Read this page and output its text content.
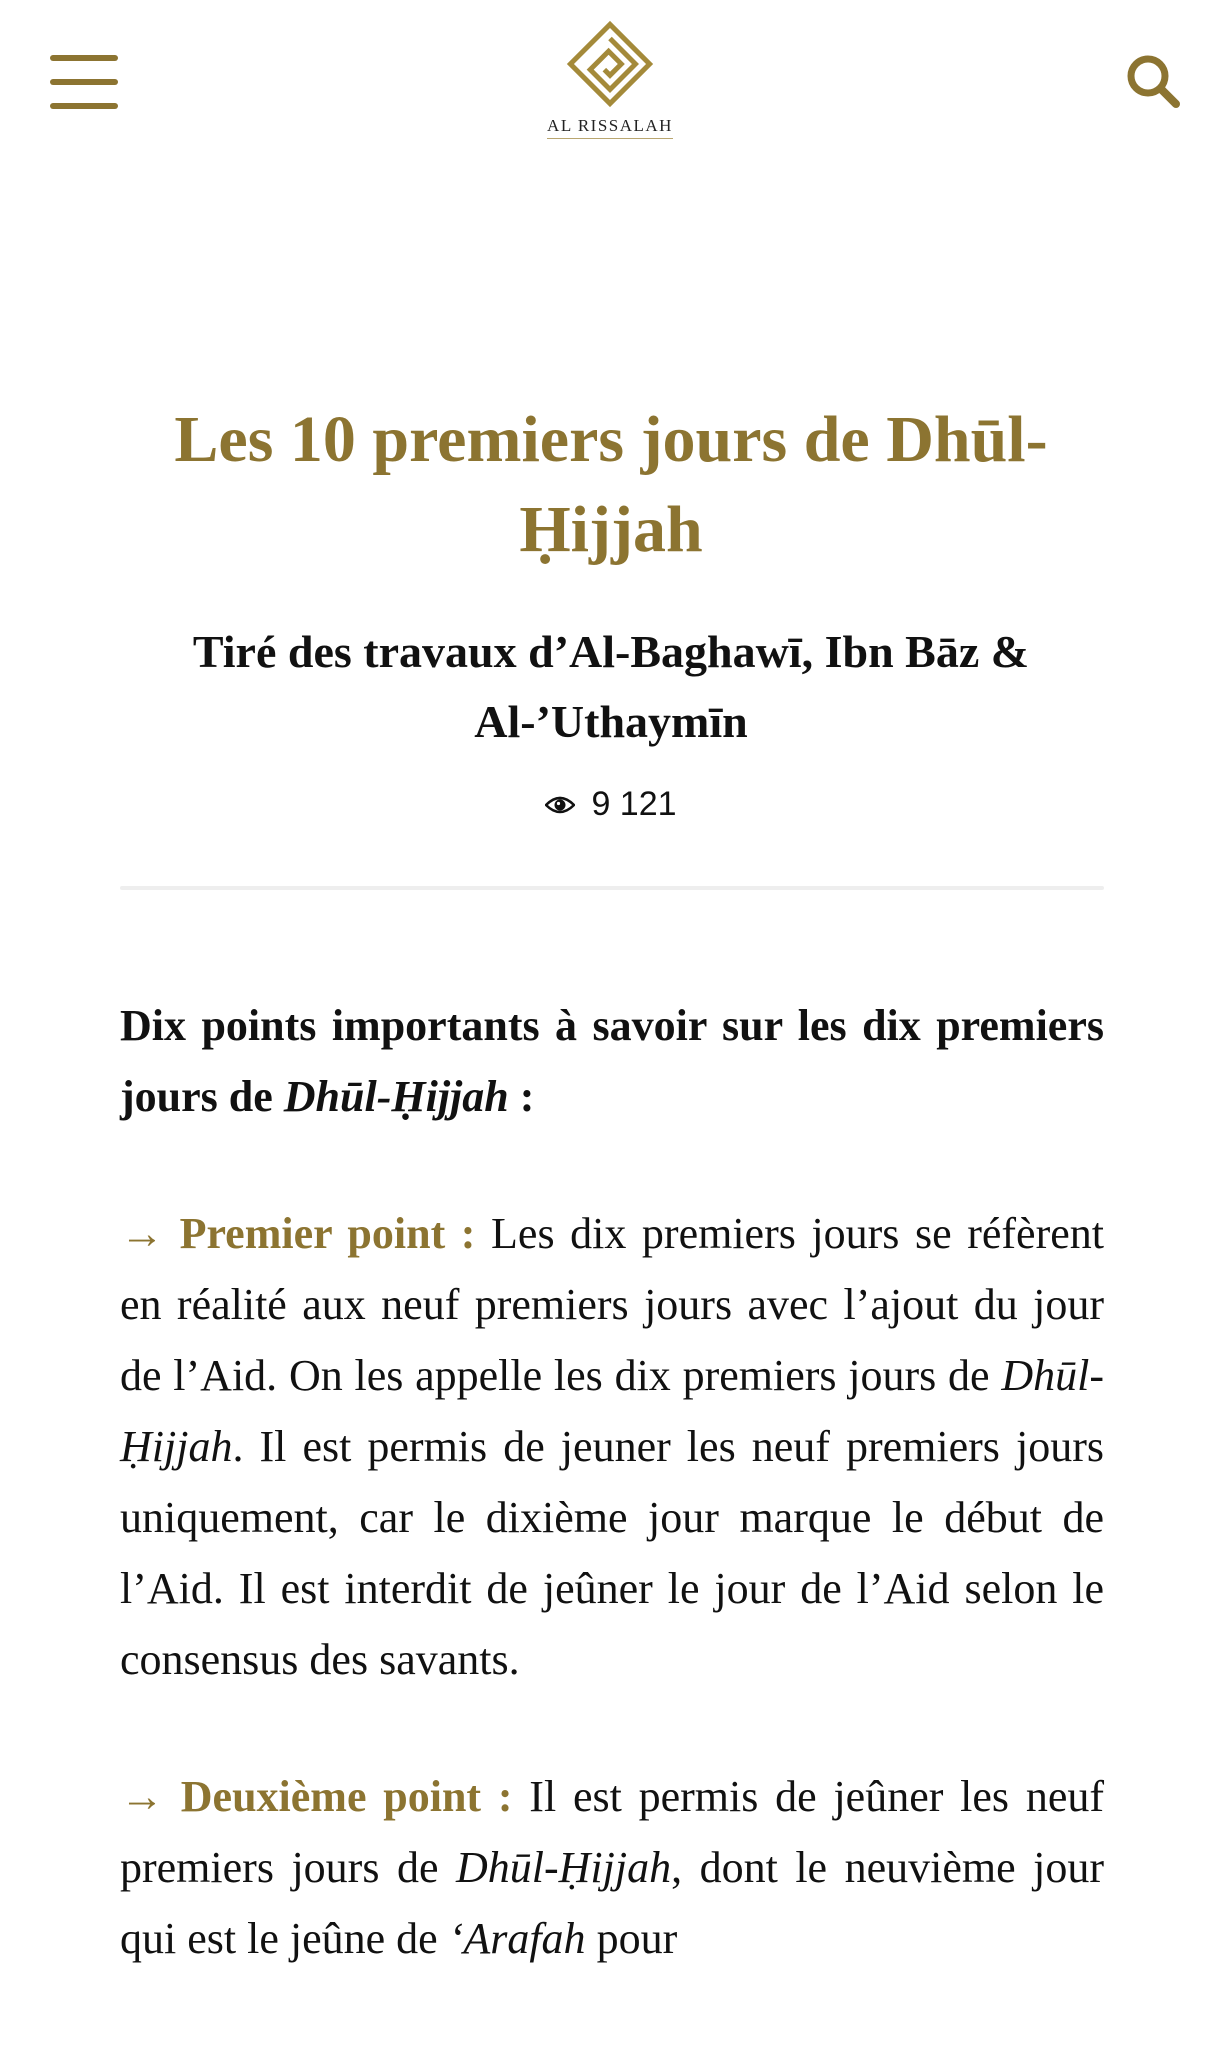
AL RISSALAH
Les 10 premiers jours de Dhūl-Ḥijjah
Tiré des travaux d’Al-Baghawī, Ibn Bāz & Al-’Uthaymīn
9 121

Dix points importants à savoir sur les dix premiers jours de Dhūl-Ḥijjah :

→ Premier point : Les dix premiers jours se réfèrent en réalité aux neuf premiers jours avec l’ajout du jour de l’Aid. On les appelle les dix premiers jours de Dhūl-Ḥijjah. Il est permis de jeuner les neuf premiers jours uniquement, car le dixième jour marque le début de l’Aid. Il est interdit de jeûner le jour de l’Aid selon le consensus des savants.

→ Deuxième point : Il est permis de jeûner les neuf premiers jours de Dhūl-Ḥijjah, dont le neuvième jour qui est le jeûne de ‘Arafah pour
